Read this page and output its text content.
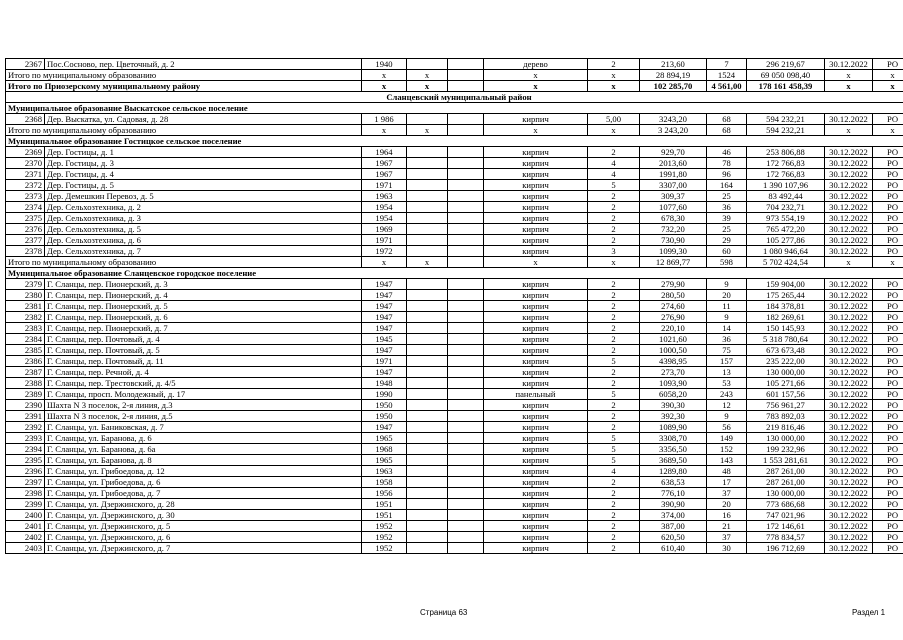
2367	Пос.Сосново, пер. Цветочный, д. 2	1940			дерево	2	213,60	7	296 219,67	30.12.2022	РО
Итого по муниципальному образованию		х	х		х	х	28 894,19	1524	69 050 098,40	х	х
Итого по Приозерскому муниципальному району		х	х		х	х	102 285,70	4 561,00	178 161 458,39	х	х
Сланцевский муниципальный район											
Муниципальное образование Выскатское сельское поселение											
2368	Дер. Выскатка, ул. Садовая, д. 28	1 986			кирпич	5,00	3243,20	68	594 232,21	30.12.2022	РО
Итого по муниципальному образованию		х	х		х	х	3 243,20	68	594 232,21	х	х
Муниципальное образование Гостицкое сельское поселение											
2369	Дер. Гостицы, д. 1	1964			кирпич	2	929,70	46	253 806,88	30.12.2022	РО
2370	Дер. Гостицы, д. 3	1967			кирпич	4	2013,60	78	172 766,83	30.12.2022	РО
2371	Дер. Гостицы, д. 4	1967			кирпич	4	1991,80	96	172 766,83	30.12.2022	РО
2372	Дер. Гостицы, д. 5	1971			кирпич	5	3307,00	164	1 390 107,96	30.12.2022	РО
2373	Дер. Демешкин Перевоз, д. 5	1963			кирпич	2	309,37	25	83 492,44	30.12.2022	РО
2374	Дер. Сельхозтехника, д. 2	1954			кирпич	2	1077,60	36	704 232,71	30.12.2022	РО
2375	Дер. Сельхозтехника, д. 3	1954			кирпич	2	678,30	39	973 554,19	30.12.2022	РО
2376	Дер. Сельхозтехника, д. 5	1969			кирпич	2	732,20	25	765 472,20	30.12.2022	РО
2377	Дер. Сельхозтехника, д. 6	1971			кирпич	2	730,90	29	105 277,86	30.12.2022	РО
2378	Дер. Сельхозтехника, д. 7	1972			кирпич	3	1099,30	60	1 080 946,64	30.12.2022	РО
Итого по муниципальному образованию		х	х		х	х	12 869,77	598	5 702 424,54	х	х
Муниципальное образование Сланцевское городское поселение											
2379	Г. Сланцы, пер. Пионерский, д. 3	1947			кирпич	2	279,90	9	159 904,00	30.12.2022	РО
2380	Г. Сланцы, пер. Пионерский, д. 4	1947			кирпич	2	280,50	20	175 265,44	30.12.2022	РО
2381	Г. Сланцы, пер. Пионерский, д. 5	1947			кирпич	2	274,60	11	184 378,81	30.12.2022	РО
2382	Г. Сланцы, пер. Пионерский, д. 6	1947			кирпич	2	276,90	9	182 269,61	30.12.2022	РО
2383	Г. Сланцы, пер. Пионерский, д. 7	1947			кирпич	2	220,10	14	150 145,93	30.12.2022	РО
2384	Г. Сланцы, пер. Почтовый, д. 4	1945			кирпич	2	1021,60	36	5 318 780,64	30.12.2022	РО
2385	Г. Сланцы, пер. Почтовый, д. 5	1947			кирпич	2	1000,50	75	673 673,48	30.12.2022	РО
2386	Г. Сланцы, пер. Почтовый, д. 11	1971			кирпич	5	4398,95	157	235 222,00	30.12.2022	РО
2387	Г. Сланцы, пер. Речной, д. 4	1947			кирпич	2	273,70	13	130 000,00	30.12.2022	РО
2388	Г. Сланцы, пер. Трестовский, д. 4/5	1948			кирпич	2	1093,90	53	105 271,66	30.12.2022	РО
2389	Г. Сланцы, просп. Молодежный, д. 17	1990			панельный	5	6058,20	243	601 157,56	30.12.2022	РО
2390	Шахта N 3 поселок, 2-я линия, д.3	1950			кирпич	2	390,30	12	756 961,27	30.12.2022	РО
2391	Шахта N 3 поселок, 2-я линия, д.5	1950			кирпич	2	392,30	9	783 892,03	30.12.2022	РО
2392	Г. Сланцы, ул. Баниковская, д. 7	1947			кирпич	2	1089,90	56	219 816,46	30.12.2022	РО
2393	Г. Сланцы, ул. Баранова, д. 6	1965			кирпич	5	3308,70	149	130 000,00	30.12.2022	РО
2394	Г. Сланцы, ул. Баранова, д. 6а	1968			кирпич	5	3356,50	152	199 232,96	30.12.2022	РО
2395	Г. Сланцы, ул. Баранова, д. 8	1965			кирпич	5	3689,50	143	1 553 281,61	30.12.2022	РО
2396	Г. Сланцы, ул. Грибоедова, д. 12	1963			кирпич	4	1289,80	48	287 261,00	30.12.2022	РО
2397	Г. Сланцы, ул. Грибоедова, д. 6	1958			кирпич	2	638,53	17	287 261,00	30.12.2022	РО
2398	Г. Сланцы, ул. Грибоедова, д. 7	1956			кирпич	2	776,10	37	130 000,00	30.12.2022	РО
2399	Г. Сланцы, ул. Дзержинского, д. 28	1951			кирпич	2	390,90	20	773 686,68	30.12.2022	РО
2400	Г. Сланцы, ул. Дзержинского, д. 30	1951			кирпич	2	374,00	16	747 021,96	30.12.2022	РО
2401	Г. Сланцы, ул. Дзержинского, д. 5	1952			кирпич	2	387,00	21	172 146,61	30.12.2022	РО
2402	Г. Сланцы, ул. Дзержинского, д. 6	1952			кирпич	2	620,50	37	778 834,57	30.12.2022	РО
2403	Г. Сланцы, ул. Дзержинского, д. 7	1952			кирпич	2	610,40	30	196 712,69	30.12.2022	РО
Страница 63	Раздел 1
